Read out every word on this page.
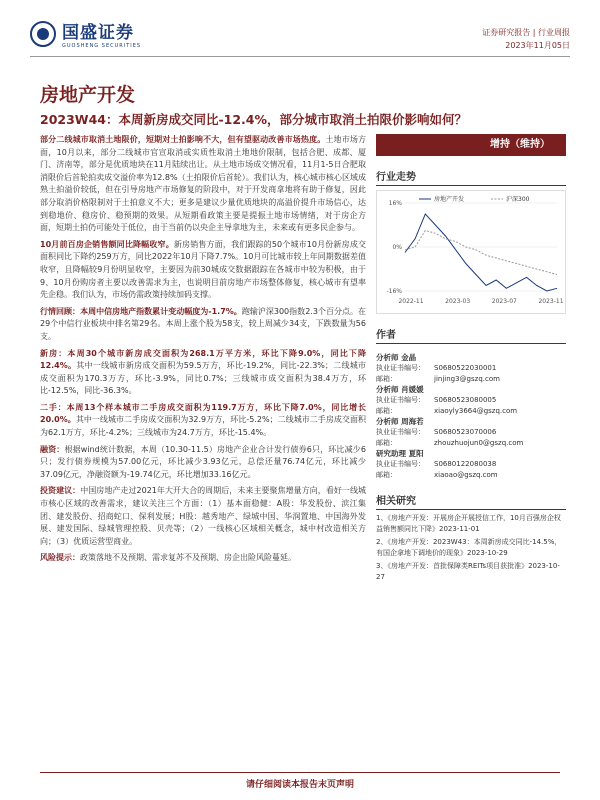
国盛证券
GUOSHENG SECURITIES
证券研究报告 | 行业周报
2023年11月05日
房地产开发
2023W44：本周新房成交同比-12.4%，部分城市取消土拍限价影响如何？

部分二线城市取消土地限价，短期对土拍影响不大，但有望驱动改善市场热度。土地市场方面，10月以来，部分二线城市官宣取消或实质性取消土地地价限制，包括合肥、成都、厦门、济南等，部分是优质地块在11月陆续出让。从土地市场成交情况看，11月1-5日合肥取消限价后首轮拍卖成交溢价率为12.8%（土拍限价后首轮）。我们认为，核心城市核心区域成熟土拍溢价较低，但在引导房地产市场修复的阶段中，对于开发商拿地将有助于修复，因此部分取消价格限制对于土拍意义不大；更多是建议少量优质地块的高溢价提升市场信心，达到稳地价、稳房价、稳预期的效果。从短期看政策主要是提振土地市场情绪，对于房企方面，短期土拍仍可能处于低位，由于当前仍以央企主导拿地为主，未来或有更多民企参与。

10月前百房企销售额同比降幅收窄。新房销售方面，我们跟踪的50个城市10月份新房成交面积同比下降约259万方，同比2022年10月下降7.7%。10月可比城市较上年同期数据差值收窄，且降幅较9月份明显收窄，主要因为前30城成交数据跟踪在各城市中较为积极，由于9、10月份购房者主要以改善需求为主，也说明目前房地产市场整体修复，核心城市有望率先企稳。我们认为，市场仍需政策持续加码支撑。

行情回顾：本周中信房地产指数累计变动幅度为-1.7%。跑输沪深300指数2.3个百分点。在29个中信行业板块中排名第29名。本周上涨个股为58支，较上周减少34支，下跌数量为56支。

新房：本周30个城市新房成交面积为268.1万平方米，环比下降9.0%，同比下降12.4%。其中一线城市新房成交面积为59.5万方，环比-19.2%，同比-22.3%；二线城市成交面积为170.3万方，环比-3.9%，同比0.7%；三线城市成交面积为38.4万方，环比-12.5%，同比-36.3%。

二手：本周13个样本城市二手房成交面积为119.7万方，环比下降7.0%，同比增长20.0%。其中一线城市二手房成交面积为32.9万方，环比-5.2%；二线城市二手房成交面积为62.1万方，环比-4.2%；三线城市为24.7万方，环比-15.4%。

融资：根据wind统计数据，本周（10.30-11.5）房地产企业合计发行债券6只，环比减少6只；发行债券规模为57.00亿元，环比减少3.93亿元，总偿还量76.74亿元，环比减少37.09亿元，净融资额为-19.74亿元，环比增加33.16亿元。

投资建议：中国房地产走过2021年大开大合的周期后，未来主要聚焦增量方向，看好一线城市核心区域的改善需求，建议关注三个方面：（1）基本面稳健：A股：华发股份、滨江集团、建发股份、招商蛇口、保利发展；H股：越秀地产、绿城中国、华润置地、中国海外发展、建发国际、绿城管理控股、贝壳等；（2）一线核心区域相关概念，城中村改造相关方向；（3）优质运营型商业。

风险提示：政策落地不及预期、需求复苏不及预期、房企出险风险蔓延。

增持（维持）
行业走势
16%
0%
-16%
2022-11	2023-03	2023-07	2023-11
房地产开发	沪深300
作者
分析师 金晶
执业证书编号：	S0680522030001
邮箱：	jinjing3@gszq.com
分析师 肖媛媛
执业证书编号：	S0680523080005
邮箱：	xiaoyly3664@gszq.com
分析师 周海若
执业证书编号：	S0680523070006
邮箱：	zhouzhuojun0@gszq.com
研究助理 夏阳
执业证书编号：	S0680122080038
邮箱：	xiaoao@gszq.com
相关研究
1、《房地产开发：开展房企开展授信工作，10月百强房企权益销售额同比下降》2023-11-01
2、《房地产开发：2023W43：本周新房成交同比-14.5%，有国企拿地下调地价的现象》2023-10-29
3、《房地产开发：首批保障类REITs项目获批准》2023-10-27
请仔细阅读本报告末页声明
